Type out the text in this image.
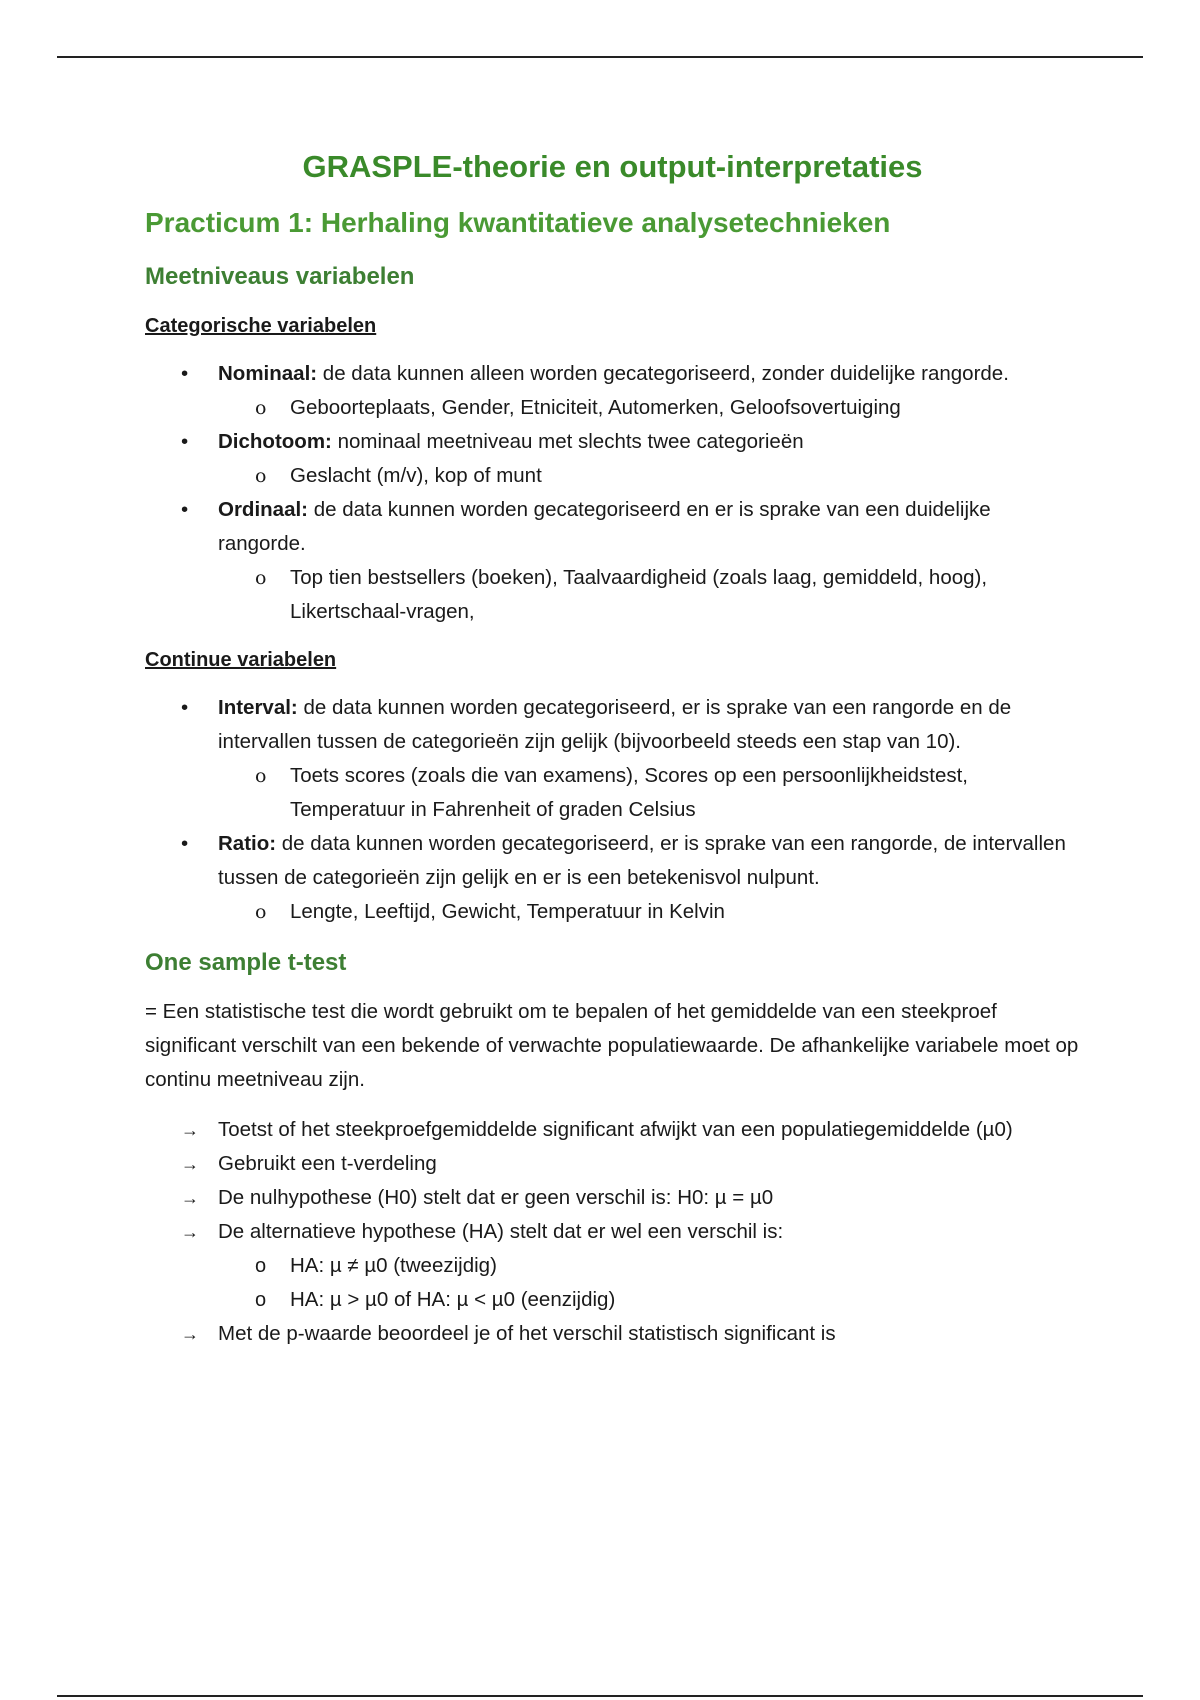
GRASPLE-theorie en output-interpretaties
Practicum 1: Herhaling kwantitatieve analysetechnieken
Meetniveaus variabelen
Categorische variabelen
• Nominaal: de data kunnen alleen worden gecategoriseerd, zonder duidelijke rangorde.
o Geboorteplaats, Gender, Etniciteit, Automerken, Geloofsovertuiging
• Dichotoom: nominaal meetniveau met slechts twee categorieën
o Geslacht (m/v), kop of munt
• Ordinaal: de data kunnen worden gecategoriseerd en er is sprake van een duidelijke rangorde.
o Top tien bestsellers (boeken), Taalvaardigheid (zoals laag, gemiddeld, hoog), Likertschaal-vragen,
Continue variabelen
• Interval: de data kunnen worden gecategoriseerd, er is sprake van een rangorde en de intervallen tussen de categorieën zijn gelijk (bijvoorbeeld steeds een stap van 10).
o Toets scores (zoals die van examens), Scores op een persoonlijkheidstest, Temperatuur in Fahrenheit of graden Celsius
• Ratio: de data kunnen worden gecategoriseerd, er is sprake van een rangorde, de intervallen tussen de categorieën zijn gelijk en er is een betekenisvol nulpunt.
o Lengte, Leeftijd, Gewicht, Temperatuur in Kelvin
One sample t-test
= Een statistische test die wordt gebruikt om te bepalen of het gemiddelde van een steekproef significant verschilt van een bekende of verwachte populatiewaarde. De afhankelijke variabele moet op continu meetniveau zijn.
→ Toetst of het steekproefgemiddelde significant afwijkt van een populatiegemiddelde (µ0)
→ Gebruikt een t-verdeling
→ De nulhypothese (H0) stelt dat er geen verschil is: H0: µ = µ0
→ De alternatieve hypothese (HA) stelt dat er wel een verschil is:
o HA: µ ≠ µ0 (tweezijdig)
o HA: µ > µ0 of HA: µ < µ0 (eenzijdig)
→ Met de p-waarde beoordeel je of het verschil statistisch significant is
